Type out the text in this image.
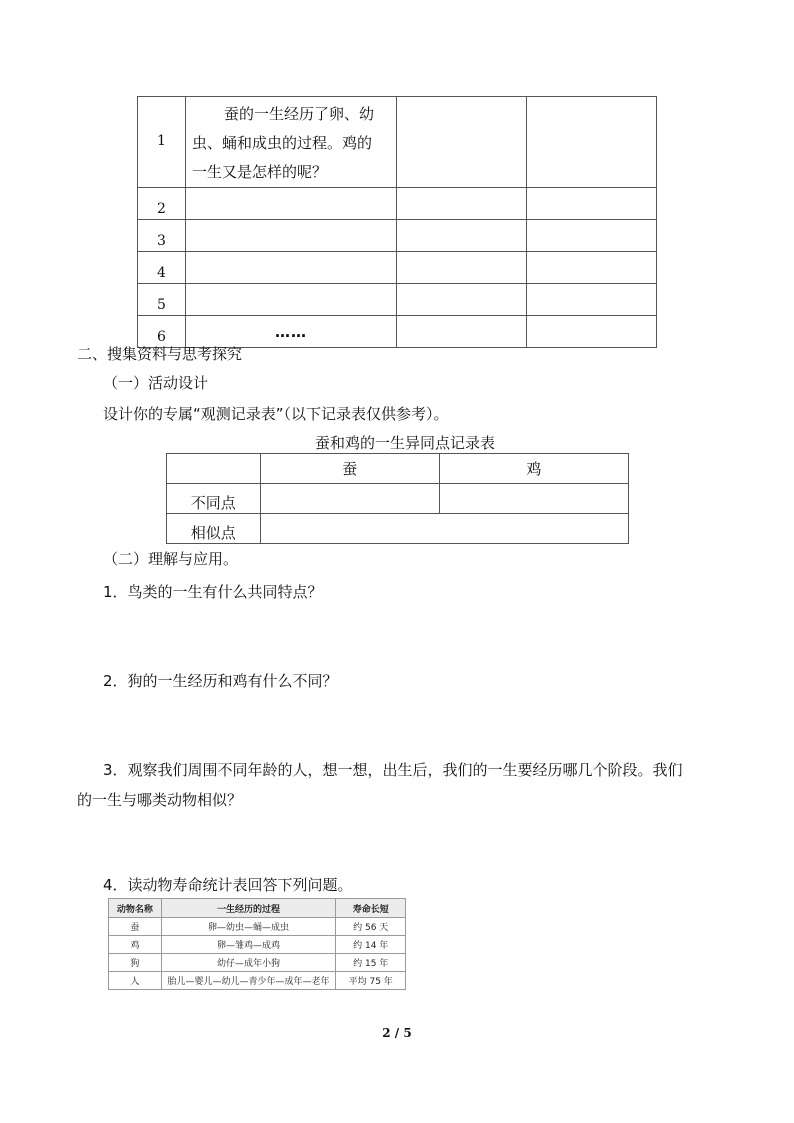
1	蚕的一生经历了卵、幼
虫、蛹和成虫的过程。鸡的
一生又是怎样的呢？		

2			
3			
4			
5			
6	……		
二、搜集资料与思考探究
（一）活动设计
设计你的专属“观测记录表”（以下记录表仅供参考）。
蚕和鸡的一生异同点记录表
	蚕	鸡
不同点		
相似点		
（二）理解与应用。
1．鸟类的一生有什么共同特点？
2．狗的一生经历和鸡有什么不同？
3．观察我们周围不同年龄的人，想一想，出生后，我们的一生要经历哪几个阶段。我们
的一生与哪类动物相似？
4．读动物寿命统计表回答下列问题。
动物名称	一生经历的过程	寿命长短
蚕	卵—幼虫—蛹—成虫	约 56 天
鸡	卵—雏鸡—成鸡	约 14 年
狗	幼仔—成年小狗	约 15 年
人	胎儿—婴儿—幼儿—青少年—成年—老年	平均 75 年
2 / 5
